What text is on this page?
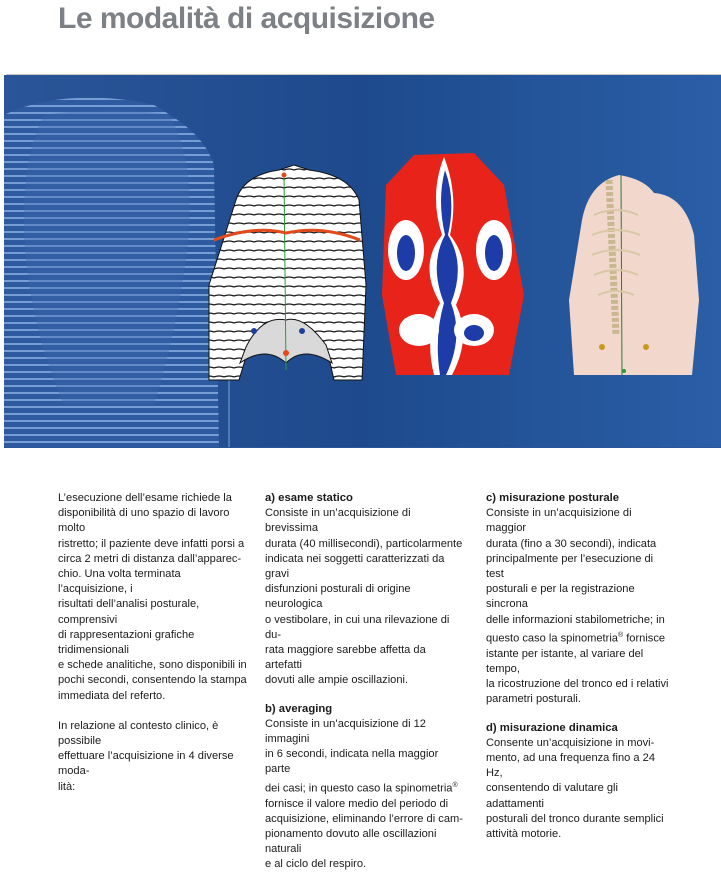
Le modalità di acquisizione

L’esecuzione dell’esame richiede la
disponibilità di uno spazio di lavoro molto
ristretto; il paziente deve infatti porsi a
circa 2 metri di distanza dall’apparec-
chio. Una volta terminata l’acquisizione, i
risultati dell’analisi posturale, comprensivi
di rappresentazioni grafiche tridimensionali
e schede analitiche, sono disponibili in
pochi secondi, consentendo la stampa
immediata del referto.

In relazione al contesto clinico, è possibile
effettuare l’acquisizione in 4 diverse moda-
lità:

a) esame statico

Consiste in un’acquisizione di brevissima
durata (40 millisecondi), particolarmente
indicata nei soggetti caratterizzati da gravi
disfunzioni posturali di origine neurologica
o vestibolare, in cui una rilevazione di du-
rata maggiore sarebbe affetta da artefatti
dovuti alle ampie oscillazioni.

b) averaging

Consiste in un’acquisizione di 12 immagini
in 6 secondi, indicata nella maggior parte
dei casi; in questo caso la spinometria®
fornisce il valore medio del periodo di
acquisizione, eliminando l’errore di cam-
pionamento dovuto alle oscillazioni naturali
e al ciclo del respiro.

c) misurazione posturale

Consiste in un’acquisizione di maggior
durata (fino a 30 secondi), indicata
principalmente per l’esecuzione di test
posturali e per la registrazione sincrona
delle informazioni stabilometriche; in
questo caso la spinometria® fornisce
istante per istante, al variare del tempo,
la ricostruzione del tronco ed i relativi
parametri posturali.

d) misurazione dinamica

Consente un’acquisizione in movi-
mento, ad una frequenza fino a 24 Hz,
consentendo di valutare gli adattamenti
posturali del tronco durante semplici
attività motorie.
